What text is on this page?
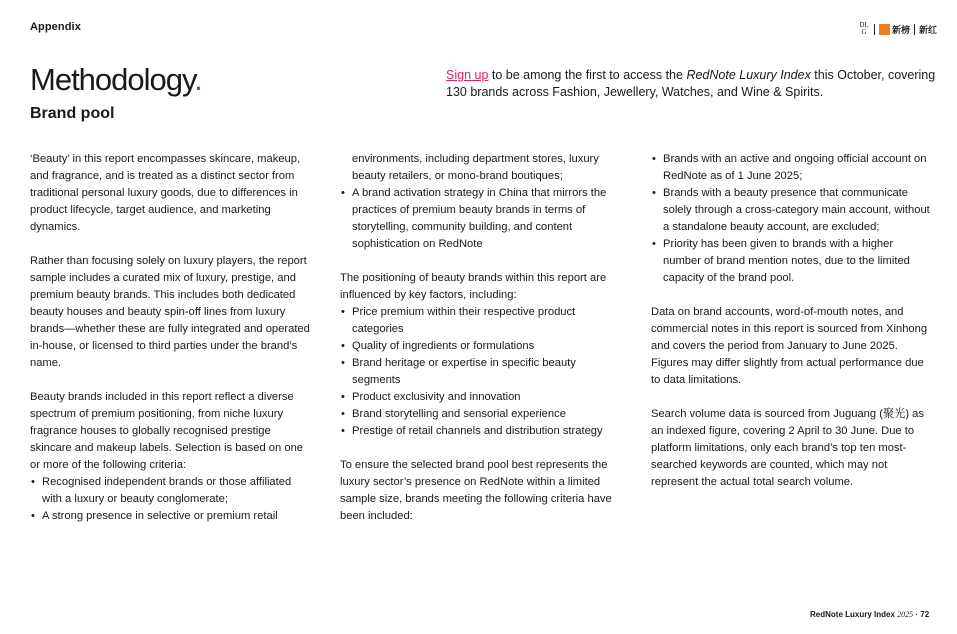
Appendix	DL G	新榜 新红
Methodology.
Brand pool
Sign up to be among the first to access the RedNote Luxury Index this October, covering 130 brands across Fashion, Jewellery, Watches, and Wine & Spirits.

‘Beauty’ in this report encompasses skincare, makeup, and fragrance, and is treated as a distinct sector from traditional personal luxury goods, due to differences in product lifecycle, target audience, and marketing dynamics.

Rather than focusing solely on luxury players, the report sample includes a curated mix of luxury, prestige, and premium beauty brands. This includes both dedicated beauty houses and beauty spin-off lines from luxury brands—whether these are fully integrated and operated in-house, or licensed to third parties under the brand’s name.

Beauty brands included in this report reflect a diverse spectrum of premium positioning, from niche luxury fragrance houses to globally recognised prestige skincare and makeup labels. Selection is based on one or more of the following criteria:

• Recognised independent brands or those affiliated with a luxury or beauty conglomerate;
• A strong presence in selective or premium retail
environments, including department stores, luxury beauty retailers, or mono-brand boutiques;
• A brand activation strategy in China that mirrors the practices of premium beauty brands in terms of storytelling, community building, and content sophistication on RedNote

The positioning of beauty brands within this report are influenced by key factors, including:

• Price premium within their respective product categories
• Quality of ingredients or formulations
• Brand heritage or expertise in specific beauty segments
• Product exclusivity and innovation
• Brand storytelling and sensorial experience
• Prestige of retail channels and distribution strategy

To ensure the selected brand pool best represents the luxury sector’s presence on RedNote within a limited sample size, brands meeting the following criteria have been included:

• Brands with an active and ongoing official account on RedNote as of 1 June 2025;
• Brands with a beauty presence that communicate solely through a cross-category main account, without a standalone beauty account, are excluded;
• Priority has been given to brands with a higher number of brand mention notes, due to the limited capacity of the brand pool.

Data on brand accounts, word-of-mouth notes, and commercial notes in this report is sourced from Xinhong and covers the period from January to June 2025. Figures may differ slightly from actual performance due to data limitations.

Search volume data is sourced from Juguang (聚光) as an indexed figure, covering 2 April to 30 June. Due to platform limitations, only each brand’s top ten most-searched keywords are counted, which may not represent the actual total search volume.

RedNote Luxury Index 2025 · 72
